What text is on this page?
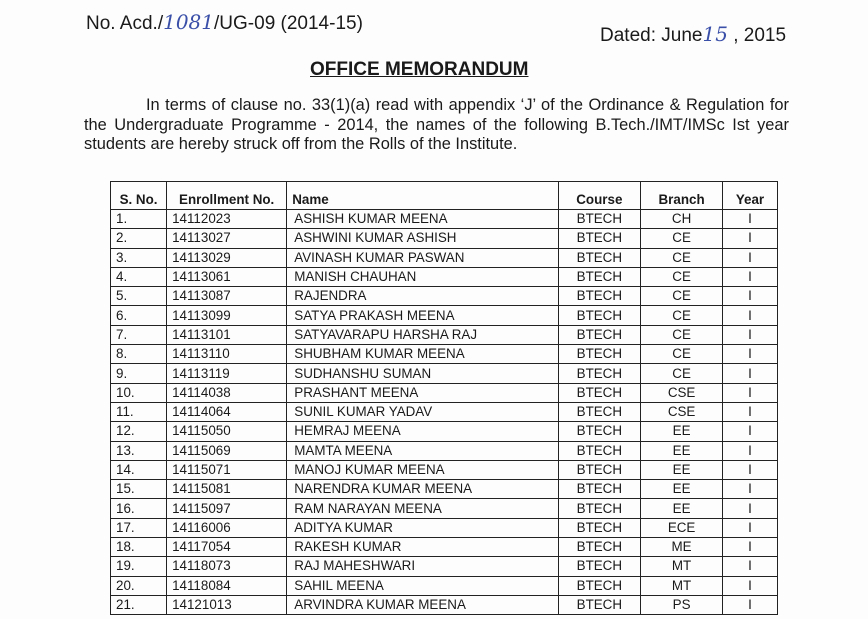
No. Acd./1081/UG-09 (2014-15)
Dated: June15 , 2015
OFFICE MEMORANDUM
In terms of clause no. 33(1)(a) read with appendix ‘J’ of the Ordinance & Regulation for the Undergraduate Programme - 2014, the names of the following B.Tech./IMT/IMSc Ist year students are hereby struck off from the Rolls of the Institute.
S. No.	Enrollment No.	Name	Course	Branch	Year
1.	14112023	ASHISH KUMAR MEENA	BTECH	CH	I
2.	14113027	ASHWINI KUMAR ASHISH	BTECH	CE	I
3.	14113029	AVINASH KUMAR PASWAN	BTECH	CE	I
4.	14113061	MANISH CHAUHAN	BTECH	CE	I
5.	14113087	RAJENDRA	BTECH	CE	I
6.	14113099	SATYA PRAKASH MEENA	BTECH	CE	I
7.	14113101	SATYAVARAPU HARSHA RAJ	BTECH	CE	I
8.	14113110	SHUBHAM KUMAR MEENA	BTECH	CE	I
9.	14113119	SUDHANSHU SUMAN	BTECH	CE	I
10.	14114038	PRASHANT MEENA	BTECH	CSE	I
11.	14114064	SUNIL KUMAR YADAV	BTECH	CSE	I
12.	14115050	HEMRAJ MEENA	BTECH	EE	I
13.	14115069	MAMTA MEENA	BTECH	EE	I
14.	14115071	MANOJ KUMAR MEENA	BTECH	EE	I
15.	14115081	NARENDRA KUMAR MEENA	BTECH	EE	I
16.	14115097	RAM NARAYAN MEENA	BTECH	EE	I
17.	14116006	ADITYA KUMAR	BTECH	ECE	I
18.	14117054	RAKESH KUMAR	BTECH	ME	I
19.	14118073	RAJ MAHESHWARI	BTECH	MT	I
20.	14118084	SAHIL MEENA	BTECH	MT	I
21.	14121013	ARVINDRA KUMAR MEENA	BTECH	PS	I
